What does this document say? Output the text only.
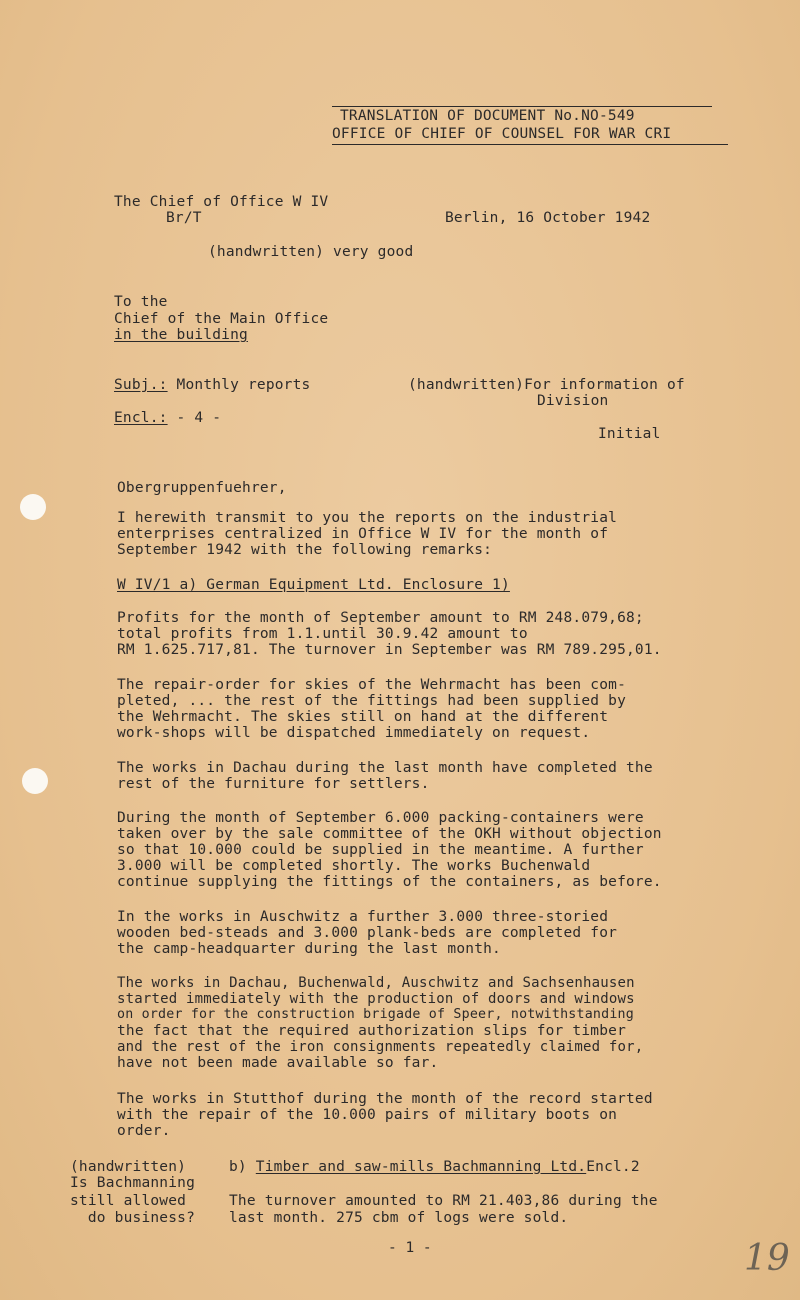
TRANSLATION OF DOCUMENT No.NO-549
OFFICE OF CHIEF OF COUNSEL FOR WAR CRI
The Chief of Office W IV
Br/T	Berlin, 16 October 1942
(handwritten) very good
To the
Chief of the Main Office
in the building
Subj.: Monthly reports	(handwritten)For information of
Division
Initial
Encl.: - 4 -
Obergruppenfuehrer,
I herewith transmit to you the reports on the industrial
enterprises centralized in Office W IV for the month of
September 1942 with the following remarks:
W IV/1 a) German Equipment Ltd. Enclosure 1)
Profits for the month of September amount to RM 248.079,68;
total profits from 1.1.until 30.9.42 amount to
RM 1.625.717,81. The turnover in September was RM 789.295,01.
The repair-order for skies of the Wehrmacht has been com-
pleted, ... the rest of the fittings had been supplied by
the Wehrmacht. The skies still on hand at the different
work-shops will be dispatched immediately on request.
The works in Dachau during the last month have completed the
rest of the furniture for settlers.
During the month of September 6.000 packing-containers were
taken over by the sale committee of the OKH without objection
so that 10.000 could be supplied in the meantime. A further
3.000 will be completed shortly. The works Buchenwald
continue supplying the fittings of the containers, as before.
In the works in Auschwitz a further 3.000 three-storied
wooden bed-steads and 3.000 plank-beds are completed for
the camp-headquarter during the last month.
The works in Dachau, Buchenwald, Auschwitz and Sachsenhausen
started immediately with the production of doors and windows
on order for the construction brigade of Speer, notwithstanding
the fact that the required authorization slips for timber
and the rest of the iron consignments repeatedly claimed for,
have not been made available so far.
The works in Stutthof during the month of the record started
with the repair of the 10.000 pairs of military boots on
order.
(handwritten)
Is Bachmanning
still allowed
do business?
b) Timber and saw-mills Bachmanning Ltd.Encl.2
The turnover amounted to RM 21.403,86 during the
last month. 275 cbm of logs were sold.
- 1 -	19
